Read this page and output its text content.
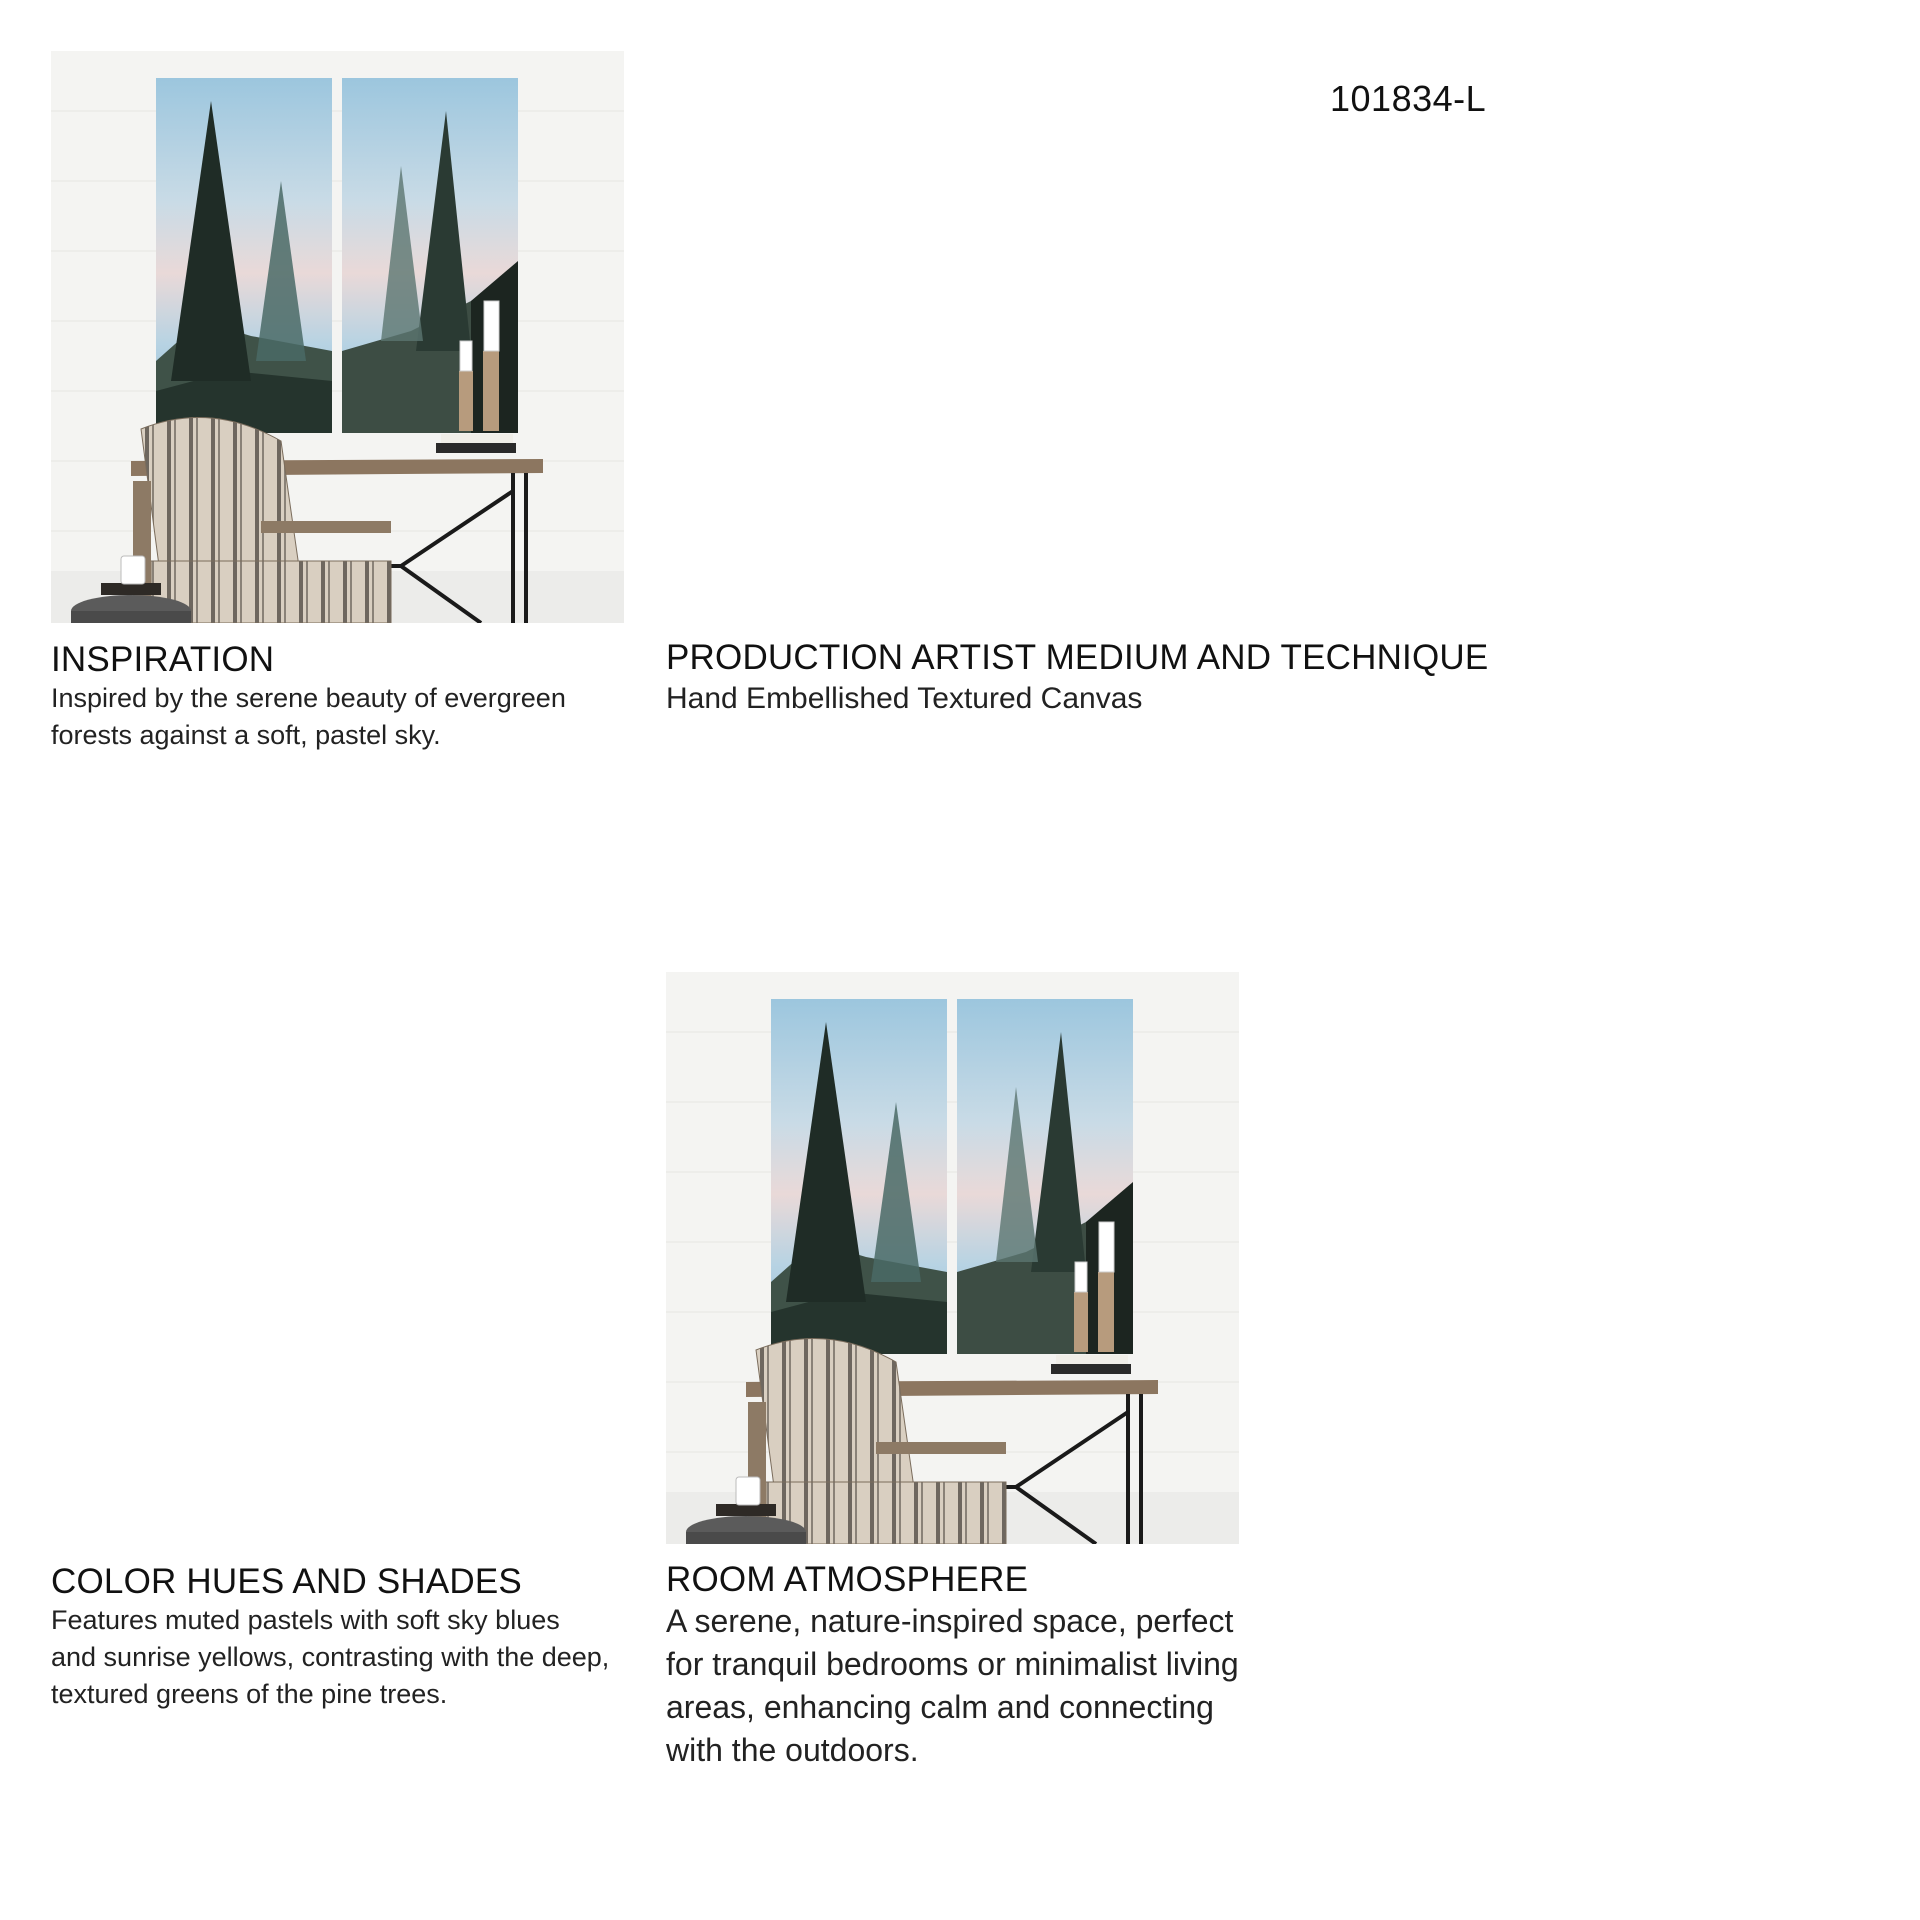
101834-L
INSPIRATION

Inspired by the serene beauty of evergreen forests against a soft, pastel sky.

PRODUCTION ARTIST MEDIUM AND TECHNIQUE

Hand Embellished Textured Canvas

COLOR HUES AND SHADES

Features muted pastels with soft sky blues and sunrise yellows, contrasting with the deep, textured greens of the pine trees.

ROOM ATMOSPHERE

A serene, nature-inspired space, perfect for tranquil bedrooms or minimalist living areas, enhancing calm and connecting with the outdoors.
